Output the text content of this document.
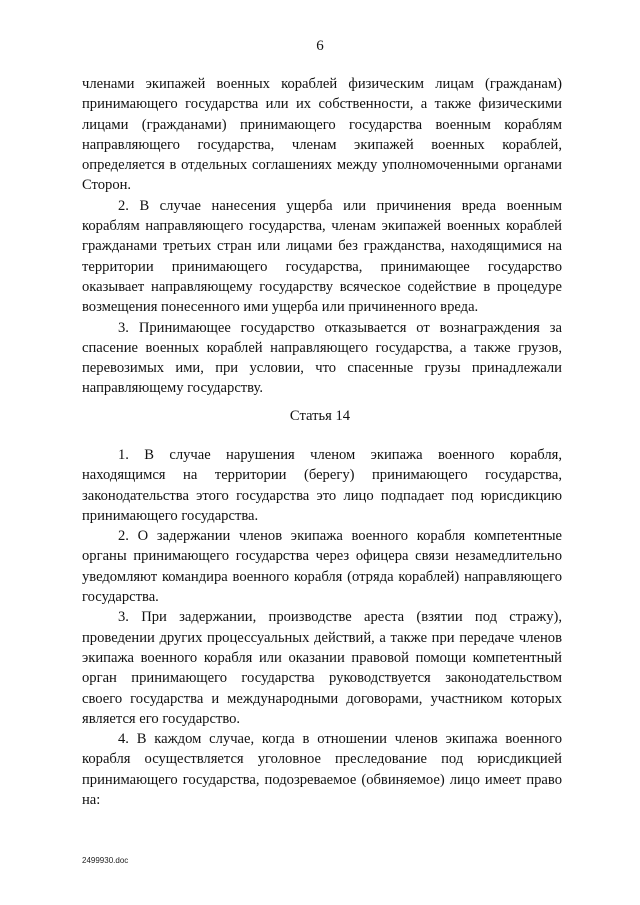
6

членами экипажей военных кораблей физическим лицам (гражданам) принимающего государства или их собственности, а также физическими лицами (гражданами) принимающего государства военным кораблям направляющего государства, членам экипажей военных кораблей, определяется в отдельных соглашениях между уполномоченными органами Сторон.

2. В случае нанесения ущерба или причинения вреда военным кораблям направляющего государства, членам экипажей военных кораблей гражданами третьих стран или лицами без гражданства, находящимися на территории принимающего государства, принимающее государство оказывает направляющему государству всяческое содействие в процедуре возмещения понесенного ими ущерба или причиненного вреда.

3. Принимающее государство отказывается от вознаграждения за спасение военных кораблей направляющего государства, а также грузов, перевозимых ими, при условии, что спасенные грузы принадлежали направляющему государству.

Статья 14

1. В случае нарушения членом экипажа военного корабля, находящимся на территории (берегу) принимающего государства, законодательства этого государства это лицо подпадает под юрисдикцию принимающего государства.

2. О задержании членов экипажа военного корабля компетентные органы принимающего государства через офицера связи незамедлительно уведомляют командира военного корабля (отряда кораблей) направляющего государства.

3. При задержании, производстве ареста (взятии под стражу), проведении других процессуальных действий, а также при передаче членов экипажа военного корабля или оказании правовой помощи компетентный орган принимающего государства руководствуется законодательством своего государства и международными договорами, участником которых является его государство.

4. В каждом случае, когда в отношении членов экипажа военного корабля осуществляется уголовное преследование под юрисдикцией принимающего государства, подозреваемое (обвиняемое) лицо имеет право на:

2499930.doc
